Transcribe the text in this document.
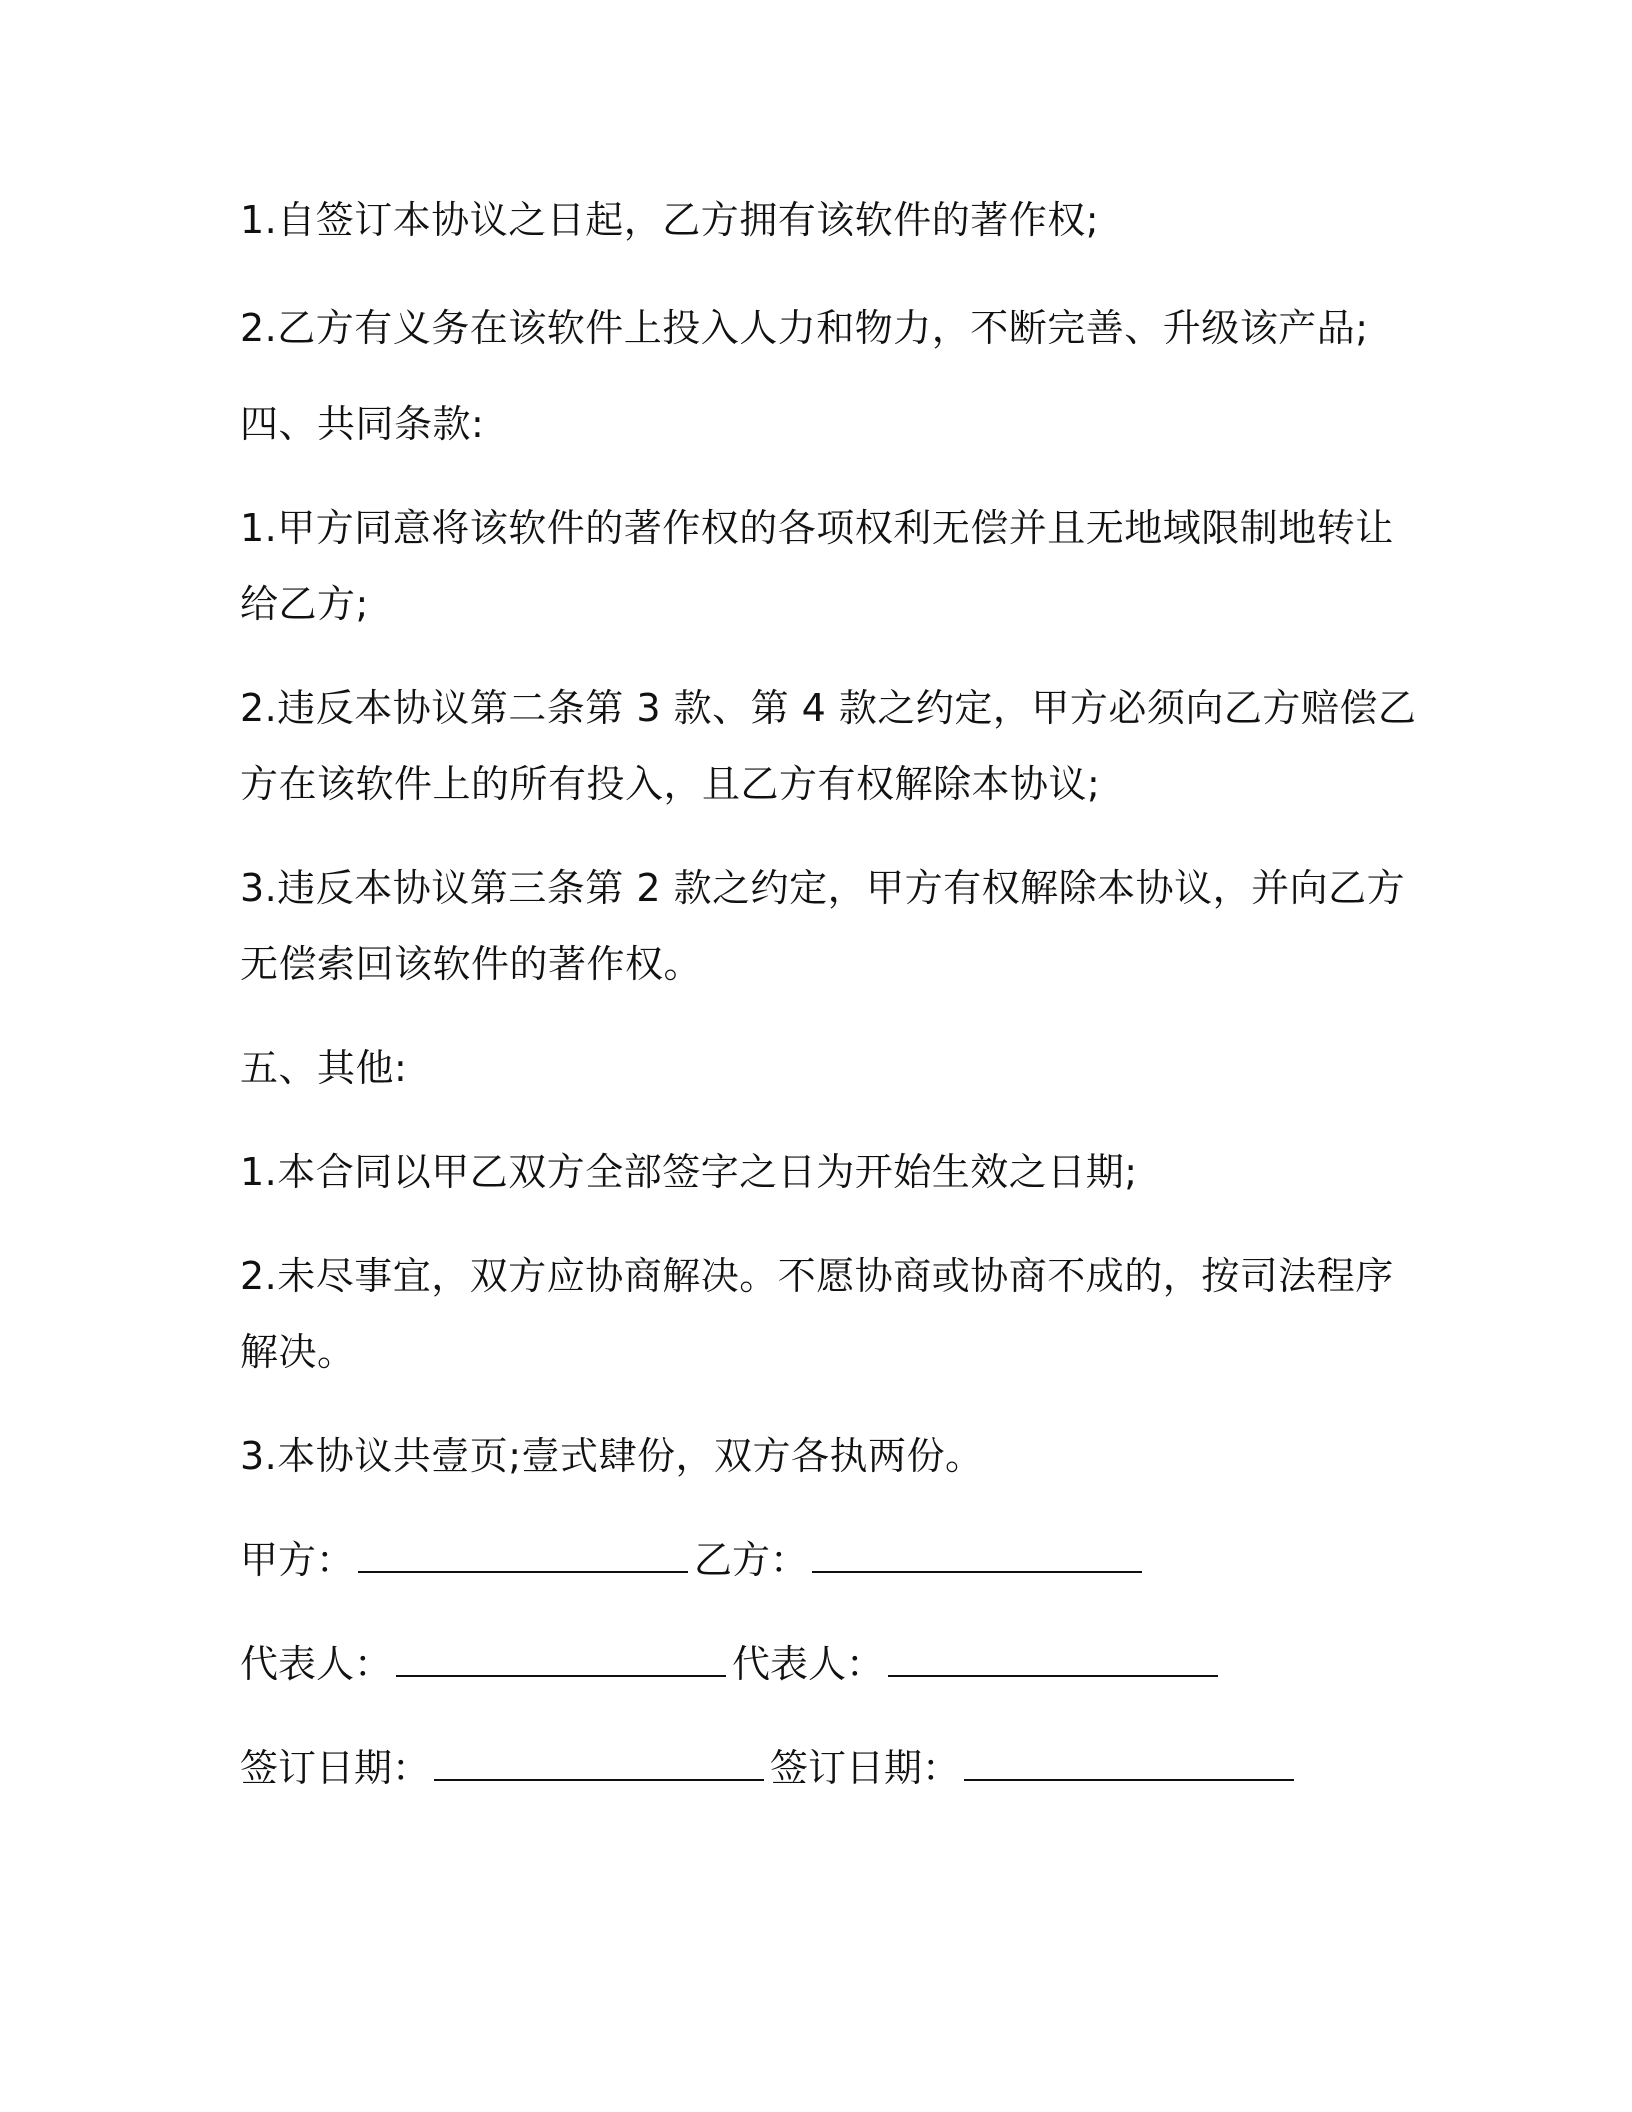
1.自签订本协议之日起，乙方拥有该软件的著作权;
2.乙方有义务在该软件上投入人力和物力，不断完善、升级该产品;
四、共同条款:
1.甲方同意将该软件的著作权的各项权利无偿并且无地域限制地转让
给乙方;
2.违反本协议第二条第 3 款、第 4 款之约定，甲方必须向乙方赔偿乙
方在该软件上的所有投入，且乙方有权解除本协议;
3.违反本协议第三条第 2 款之约定，甲方有权解除本协议，并向乙方
无偿索回该软件的著作权。
五、其他:
1.本合同以甲乙双方全部签字之日为开始生效之日期;
2.未尽事宜，双方应协商解决。不愿协商或协商不成的，按司法程序
解决。
3.本协议共壹页;壹式肆份，双方各执两份。
甲方：	乙方：
代表人：	代表人：
签订日期：	签订日期：
